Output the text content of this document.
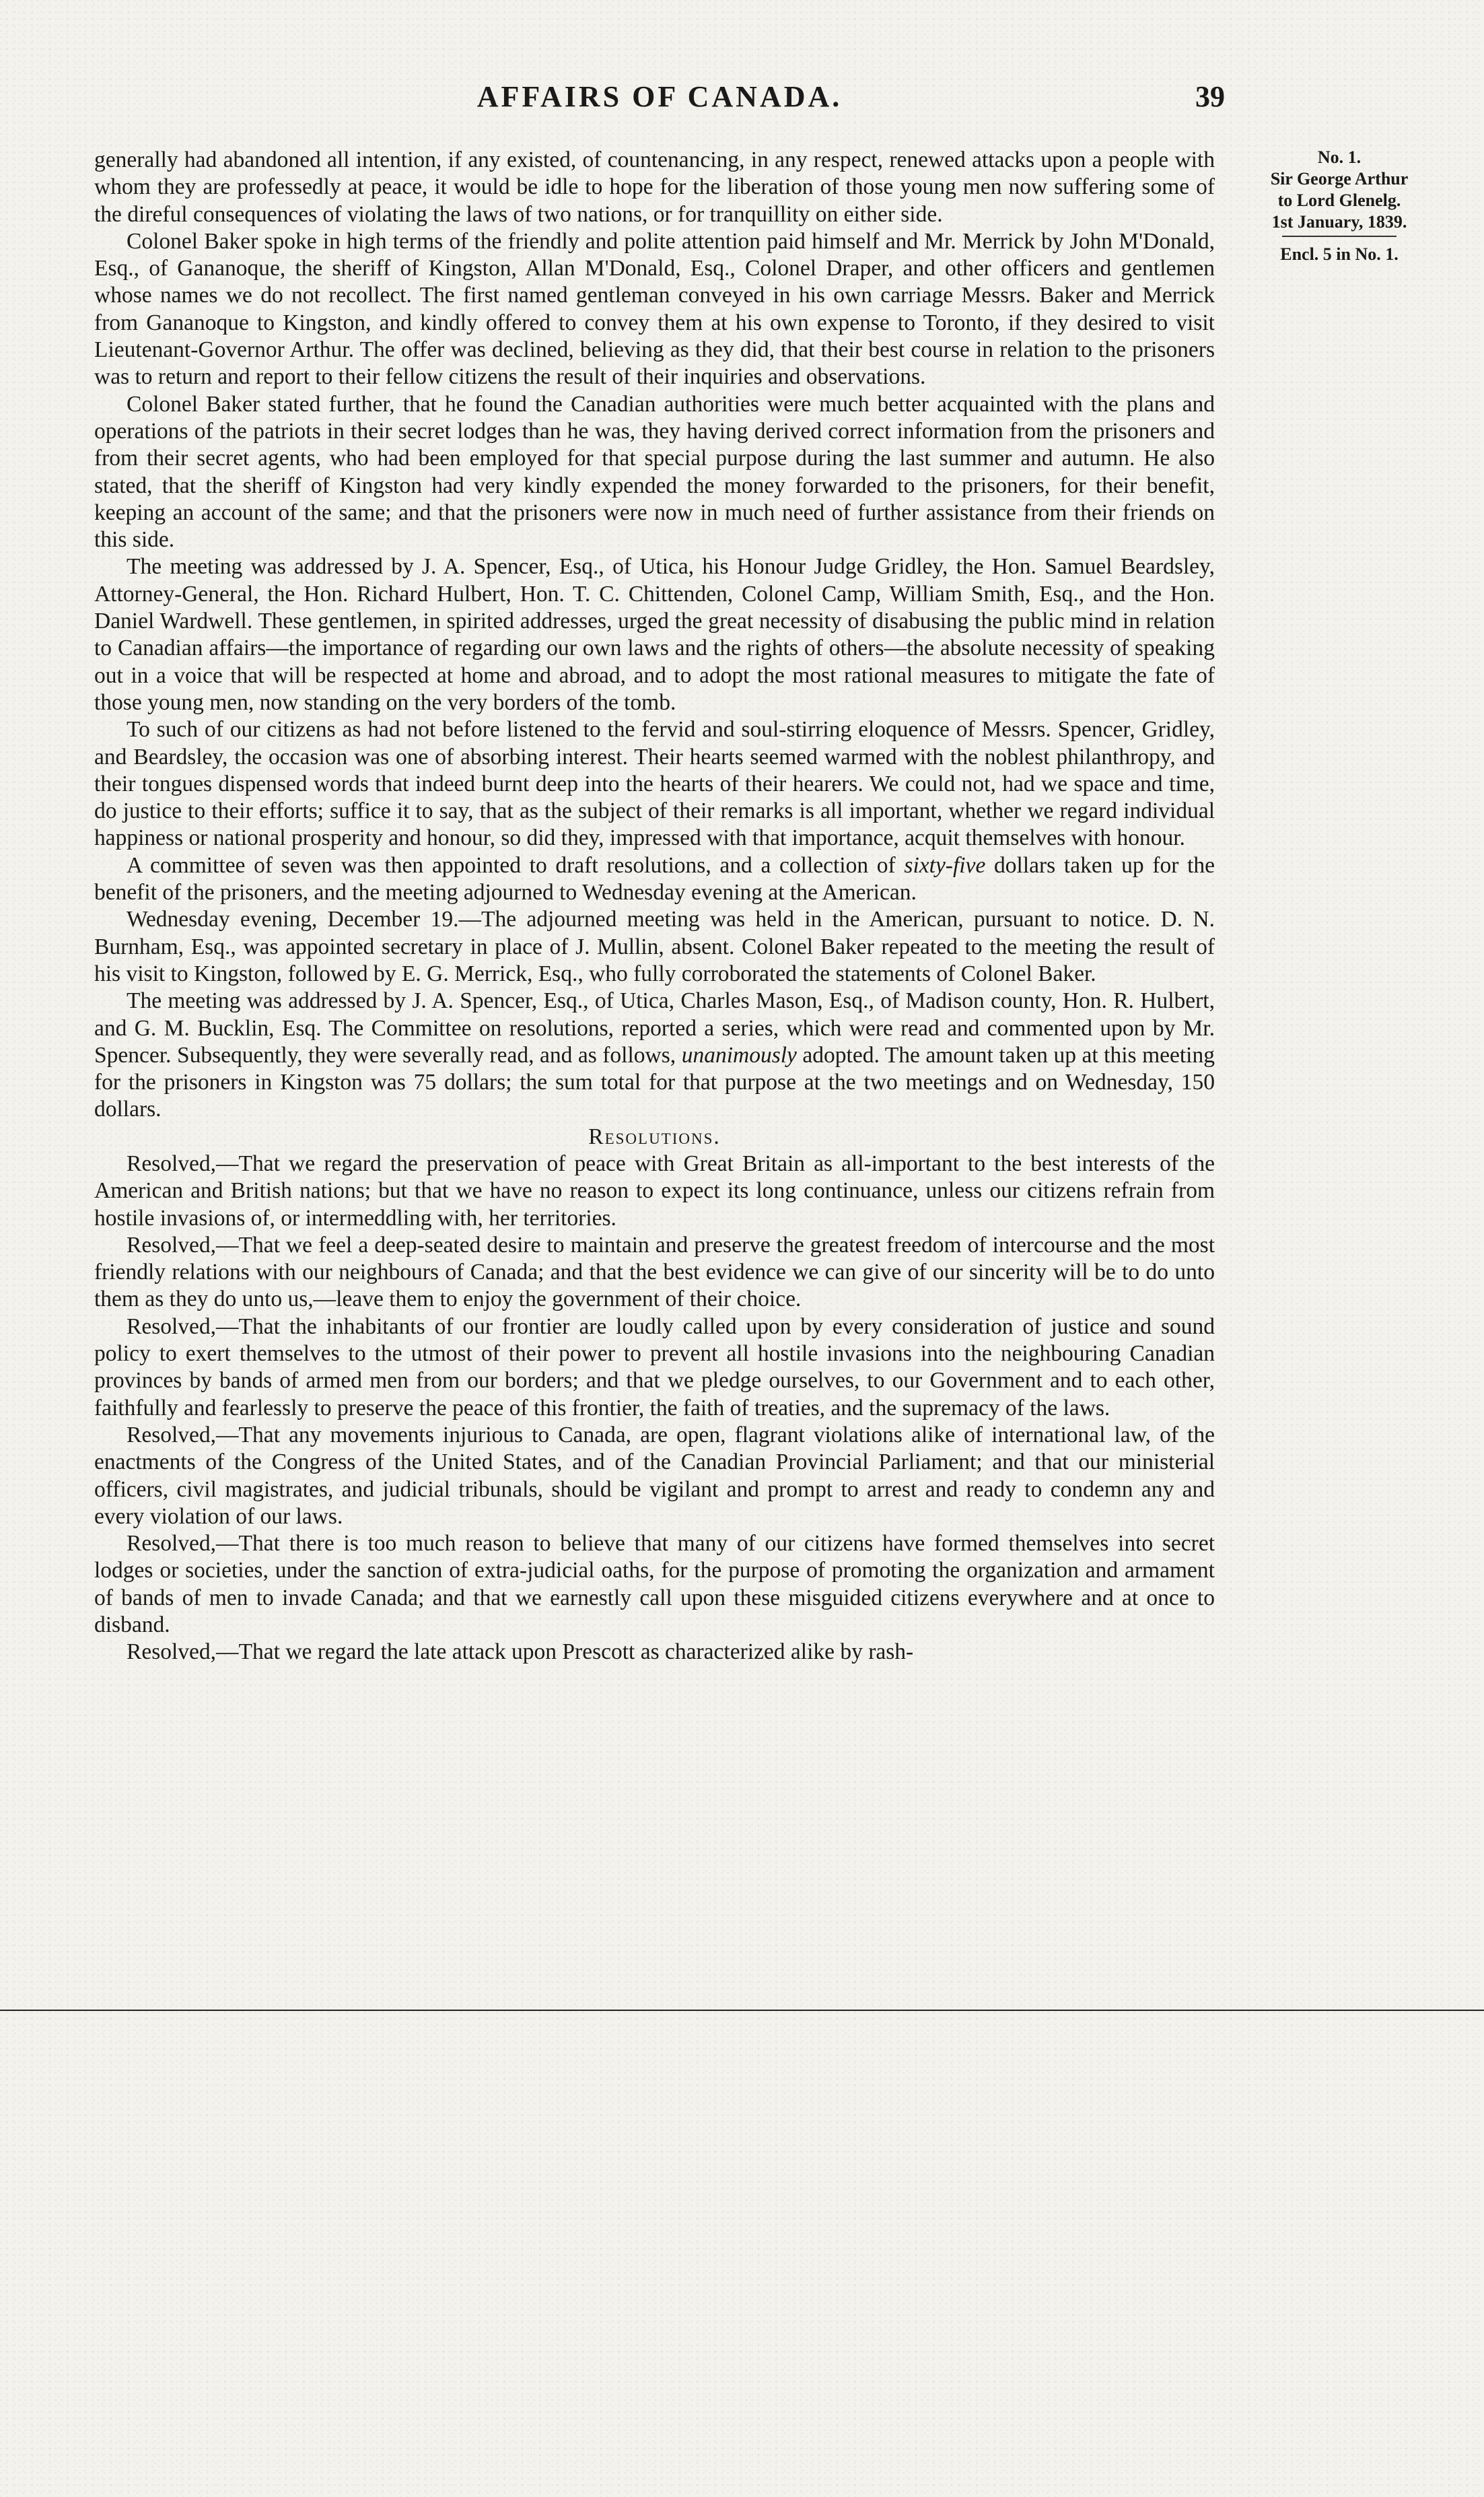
AFFAIRS OF CANADA.	39
No. 1.
Sir George Arthur
to Lord Glenelg.
1st January, 1839.
Encl. 5 in No. 1.

generally had abandoned all intention, if any existed, of countenancing, in any respect, renewed attacks upon a people with whom they are professedly at peace, it would be idle to hope for the liberation of those young men now suffering some of the direful consequences of violating the laws of two nations, or for tranquillity on either side.

Colonel Baker spoke in high terms of the friendly and polite attention paid himself and Mr. Merrick by John M'Donald, Esq., of Gananoque, the sheriff of Kingston, Allan M'Donald, Esq., Colonel Draper, and other officers and gentlemen whose names we do not recollect. The first named gentleman conveyed in his own carriage Messrs. Baker and Merrick from Gananoque to Kingston, and kindly offered to convey them at his own expense to Toronto, if they desired to visit Lieutenant-Governor Arthur. The offer was declined, believing as they did, that their best course in relation to the prisoners was to return and report to their fellow citizens the result of their inquiries and observations.

Colonel Baker stated further, that he found the Canadian authorities were much better acquainted with the plans and operations of the patriots in their secret lodges than he was, they having derived correct information from the prisoners and from their secret agents, who had been employed for that special purpose during the last summer and autumn. He also stated, that the sheriff of Kingston had very kindly expended the money forwarded to the prisoners, for their benefit, keeping an account of the same; and that the prisoners were now in much need of further assistance from their friends on this side.

The meeting was addressed by J. A. Spencer, Esq., of Utica, his Honour Judge Gridley, the Hon. Samuel Beardsley, Attorney-General, the Hon. Richard Hulbert, Hon. T. C. Chittenden, Colonel Camp, William Smith, Esq., and the Hon. Daniel Wardwell. These gentlemen, in spirited addresses, urged the great necessity of disabusing the public mind in relation to Canadian affairs—the importance of regarding our own laws and the rights of others—the absolute necessity of speaking out in a voice that will be respected at home and abroad, and to adopt the most rational measures to mitigate the fate of those young men, now standing on the very borders of the tomb.

To such of our citizens as had not before listened to the fervid and soul-stirring eloquence of Messrs. Spencer, Gridley, and Beardsley, the occasion was one of absorbing interest. Their hearts seemed warmed with the noblest philanthropy, and their tongues dispensed words that indeed burnt deep into the hearts of their hearers. We could not, had we space and time, do justice to their efforts; suffice it to say, that as the subject of their remarks is all important, whether we regard individual happiness or national prosperity and honour, so did they, impressed with that importance, acquit themselves with honour.

A committee of seven was then appointed to draft resolutions, and a collection of sixty-five dollars taken up for the benefit of the prisoners, and the meeting adjourned to Wednesday evening at the American.

Wednesday evening, December 19.—The adjourned meeting was held in the American, pursuant to notice. D. N. Burnham, Esq., was appointed secretary in place of J. Mullin, absent. Colonel Baker repeated to the meeting the result of his visit to Kingston, followed by E. G. Merrick, Esq., who fully corroborated the statements of Colonel Baker.

The meeting was addressed by J. A. Spencer, Esq., of Utica, Charles Mason, Esq., of Madison county, Hon. R. Hulbert, and G. M. Bucklin, Esq. The Committee on resolutions, reported a series, which were read and commented upon by Mr. Spencer. Subsequently, they were severally read, and as follows, unanimously adopted. The amount taken up at this meeting for the prisoners in Kingston was 75 dollars; the sum total for that purpose at the two meetings and on Wednesday, 150 dollars.

Resolutions.

Resolved,—That we regard the preservation of peace with Great Britain as all-important to the best interests of the American and British nations; but that we have no reason to expect its long continuance, unless our citizens refrain from hostile invasions of, or intermeddling with, her territories.

Resolved,—That we feel a deep-seated desire to maintain and preserve the greatest freedom of intercourse and the most friendly relations with our neighbours of Canada; and that the best evidence we can give of our sincerity will be to do unto them as they do unto us,—leave them to enjoy the government of their choice.

Resolved,—That the inhabitants of our frontier are loudly called upon by every consideration of justice and sound policy to exert themselves to the utmost of their power to prevent all hostile invasions into the neighbouring Canadian provinces by bands of armed men from our borders; and that we pledge ourselves, to our Government and to each other, faithfully and fearlessly to preserve the peace of this frontier, the faith of treaties, and the supremacy of the laws.

Resolved,—That any movements injurious to Canada, are open, flagrant violations alike of international law, of the enactments of the Congress of the United States, and of the Canadian Provincial Parliament; and that our ministerial officers, civil magistrates, and judicial tribunals, should be vigilant and prompt to arrest and ready to condemn any and every violation of our laws.

Resolved,—That there is too much reason to believe that many of our citizens have formed themselves into secret lodges or societies, under the sanction of extra-judicial oaths, for the purpose of promoting the organization and armament of bands of men to invade Canada; and that we earnestly call upon these misguided citizens everywhere and at once to disband.

Resolved,—That we regard the late attack upon Prescott as characterized alike by rash-
